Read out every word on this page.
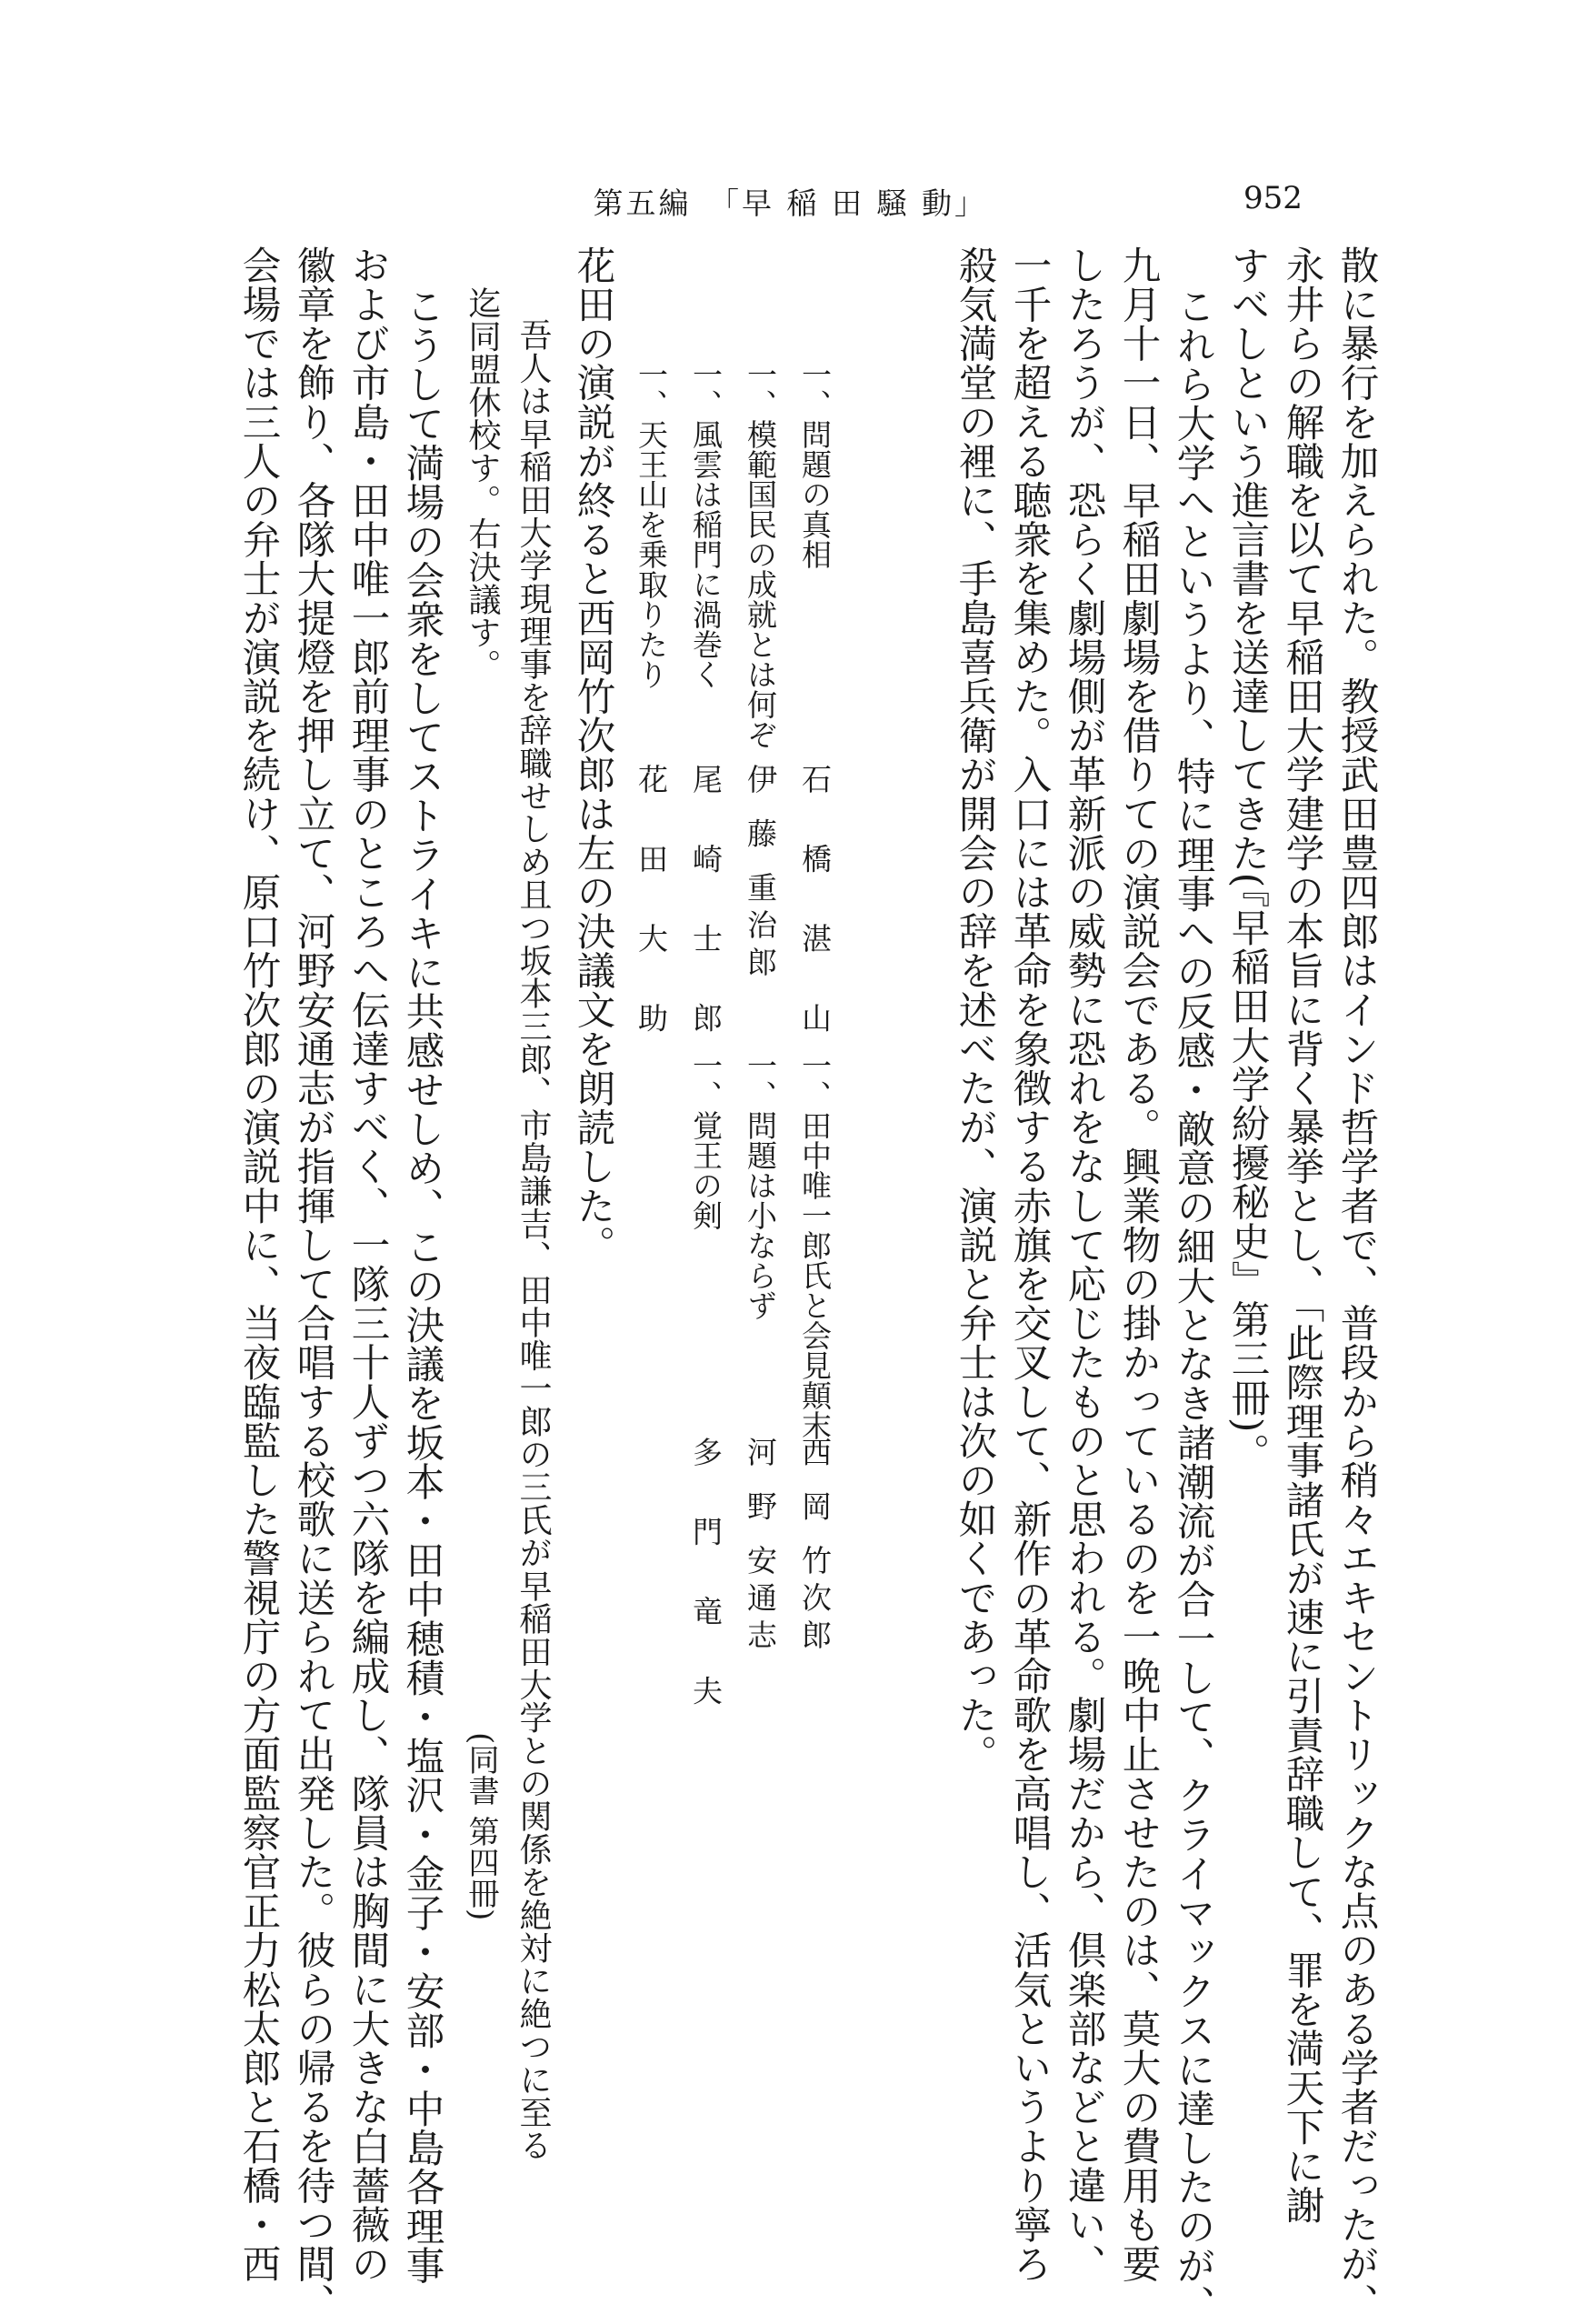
第五編　「早 稲 田 騒 動」	952
散に暴行を加えられた。教授武田豊四郎はインド哲学者で、普段から稍々エキセントリックな点のある学者だったが、
永井らの解職を以て早稲田大学建学の本旨に背く暴挙とし、「此際理事諸氏が速に引責辞職して、罪を満天下に謝
すべしという進言書を送達してきた(『早稲田大学紛擾秘史』第三冊)。
これら大学へというより、特に理事への反感・敵意の細大となき諸潮流が合一して、クライマックスに達したのが、
九月十一日、早稲田劇場を借りての演説会である。興業物の掛かっているのを一晩中止させたのは、莫大の費用も要
したろうが、恐らく劇場側が革新派の威勢に恐れをなして応じたものと思われる。劇場だから、倶楽部などと違い、
一千を超える聴衆を集めた。入口には革命を象徴する赤旗を交叉して、新作の革命歌を高唱し、活気というより寧ろ
殺気満堂の裡に、手島喜兵衛が開会の辞を述べたが、演説と弁士は次の如くであった。
一、問題の真相
石 橋 湛 山
一、田中唯一郎氏と会見顛末
西 岡 竹次郎
一、模範国民の成就とは何ぞ
伊 藤 重治郎
一、問題は小ならず
河 野 安通志
一、風雲は稲門に渦巻く
尾 崎 士 郎
一、覚王の剣
多 門 竜 夫
一、天王山を乗取りたり
花 田 大 助
花田の演説が終ると西岡竹次郎は左の決議文を朗読した。
吾人は早稲田大学現理事を辞職せしめ且つ坂本三郎、市島謙吉、田中唯一郎の三氏が早稲田大学との関係を絶対に絶つに至る
迄同盟休校す。右決議す。
(同書 第四冊)
こうして満場の会衆をしてストライキに共感せしめ、この決議を坂本・田中穂積・塩沢・金子・安部・中島各理事
および市島・田中唯一郎前理事のところへ伝達すべく、一隊三十人ずつ六隊を編成し、隊員は胸間に大きな白薔薇の
徽章を飾り、各隊大提燈を押し立て、河野安通志が指揮して合唱する校歌に送られて出発した。彼らの帰るを待つ間、
会場では三人の弁士が演説を続け、原口竹次郎の演説中に、当夜臨監した警視庁の方面監察官正力松太郎と石橋・西
